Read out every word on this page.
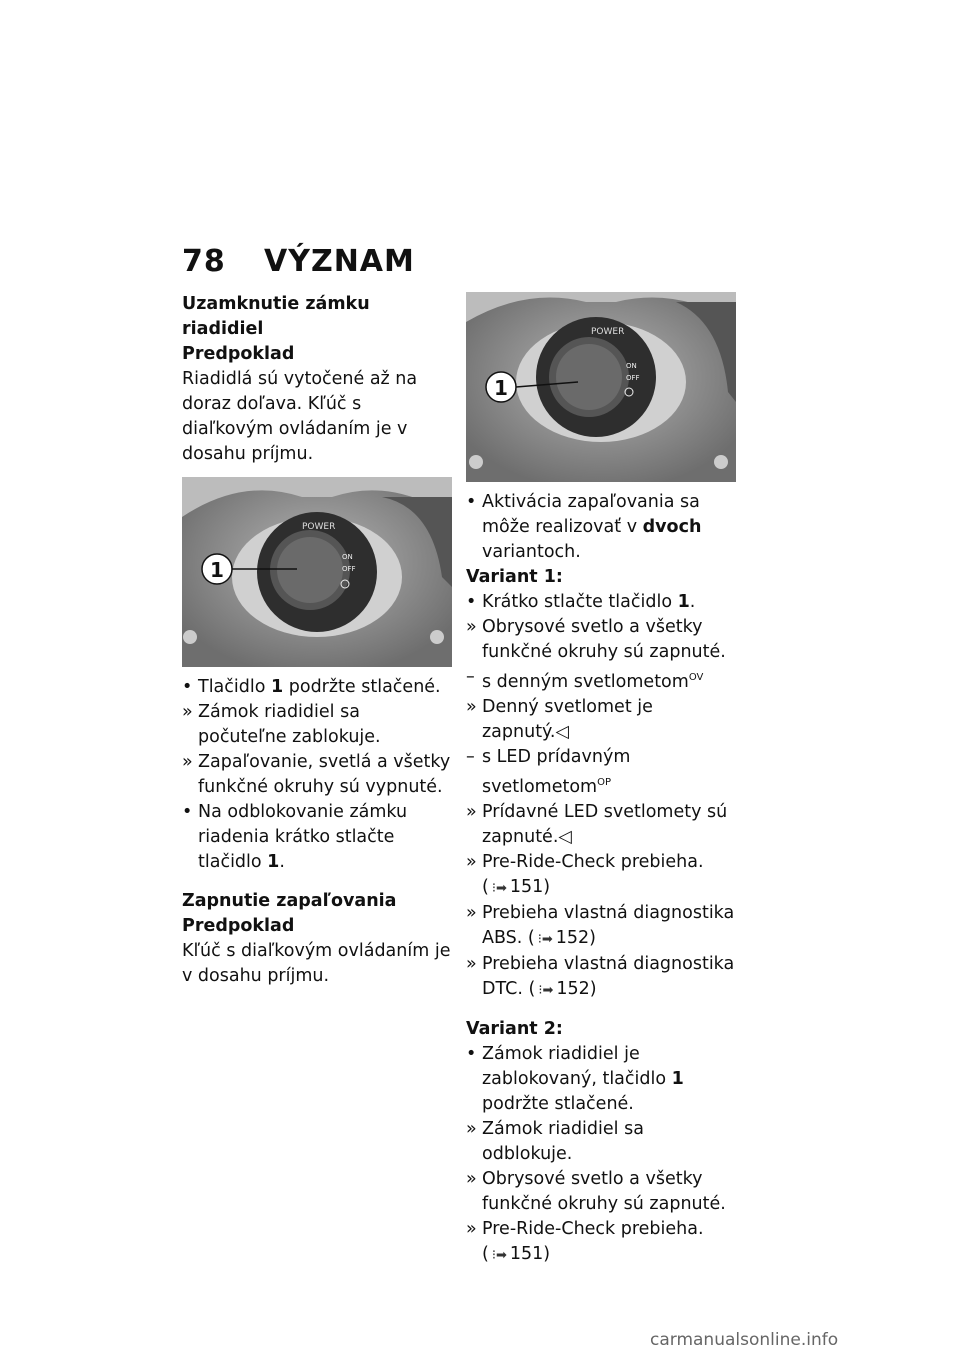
78 VÝZNAM
Uzamknutie zámku riadidiel
Predpoklad

Riadidlá sú vytočené až na doraz doľava. Kľúč s diaľkovým ovládaním je v dosahu príjmu.

POWER
ON
OFF
1
• Tlačidlo 1 podržte stlačené.
» Zámok riadidiel sa počuteľne zablokuje.
» Zapaľovanie, svetlá a všetky funkčné okruhy sú vypnuté.
• Na odblokovanie zámku riadenia krátko stlačte tlačidlo 1.
Zapnutie zapaľovania
Predpoklad

Kľúč s diaľkovým ovládaním je v dosahu príjmu.

POWER
ON
OFF
1
• Aktivácia zapaľovania sa môže realizovať v dvoch variantoch.
Variant 1:
• Krátko stlačte tlačidlo 1.
» Obrysové svetlo a všetky funkčné okruhy sú zapnuté.
– s denným svetlometom$^{OV}$
» Denný svetlomet je zapnutý.◁
– s LED prídavným svetlometom$^{OP}$
» Prídavné LED svetlomety sú zapnuté.◁
» Pre-Ride-Check prebieha.
( ⁝➡ 151)
» Prebieha vlastná diagnostika ABS. ( ⁝➡ 152)
» Prebieha vlastná diagnostika DTC. ( ⁝➡ 152)
Variant 2:
• Zámok riadidiel je zablokovaný, tlačidlo 1 podržte stlačené.
» Zámok riadidiel sa odblokuje.
» Obrysové svetlo a všetky funkčné okruhy sú zapnuté.
» Pre-Ride-Check prebieha.
( ⁝➡ 151)
carmanualsonline.info
